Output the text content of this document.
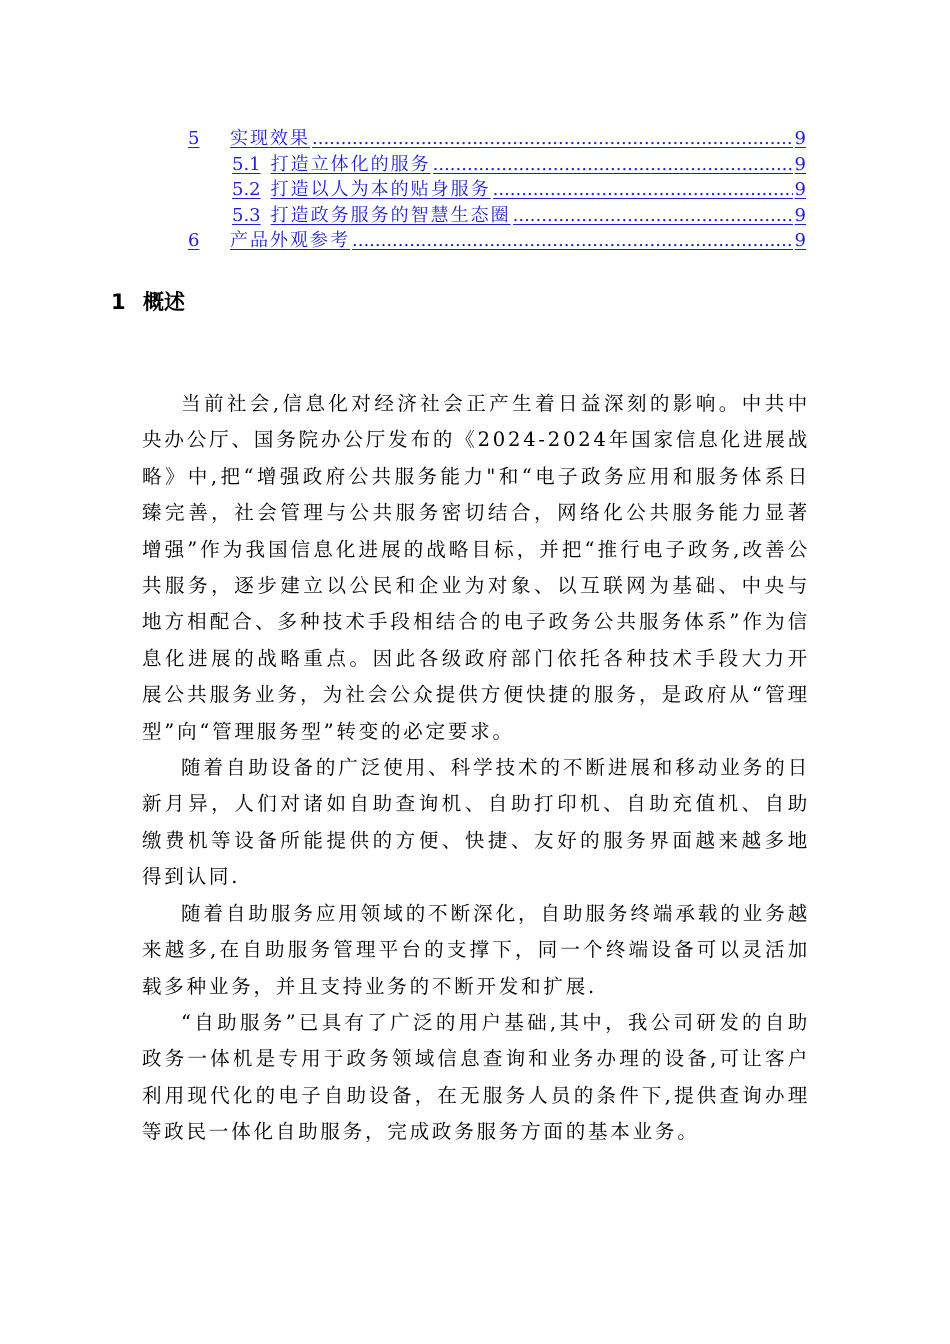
5	实现效果 .....	9
5.1 打造立体化的服务 .....	9
5.2 打造以人为本的贴身服务 .....	9
5.3 打造政务服务的智慧生态圈 .....	9
6	产品外观参考 .....	9
1 概述

当前社会,信息化对经济社会正产生着日益深刻的影响。中共中央办公厅、国务院办公厅发布的《2024-2024年国家信息化进展战略》中,把“增强政府公共服务能力"和“电子政务应用和服务体系日臻完善，社会管理与公共服务密切结合，网络化公共服务能力显著增强”作为我国信息化进展的战略目标，并把“推行电子政务,改善公共服务，逐步建立以公民和企业为对象、以互联网为基础、中央与地方相配合、多种技术手段相结合的电子政务公共服务体系”作为信息化进展的战略重点。因此各级政府部门依托各种技术手段大力开展公共服务业务，为社会公众提供方便快捷的服务，是政府从“管理型”向“管理服务型”转变的必定要求。

随着自助设备的广泛使用、科学技术的不断进展和移动业务的日新月异，人们对诸如自助查询机、自助打印机、自助充值机、自助缴费机等设备所能提供的方便、快捷、友好的服务界面越来越多地得到认同.

随着自助服务应用领域的不断深化，自助服务终端承载的业务越来越多,在自助服务管理平台的支撑下，同一个终端设备可以灵活加载多种业务，并且支持业务的不断开发和扩展.

“自助服务”已具有了广泛的用户基础,其中，我公司研发的自助政务一体机是专用于政务领域信息查询和业务办理的设备,可让客户利用现代化的电子自助设备，在无服务人员的条件下,提供查询办理等政民一体化自助服务，完成政务服务方面的基本业务。
